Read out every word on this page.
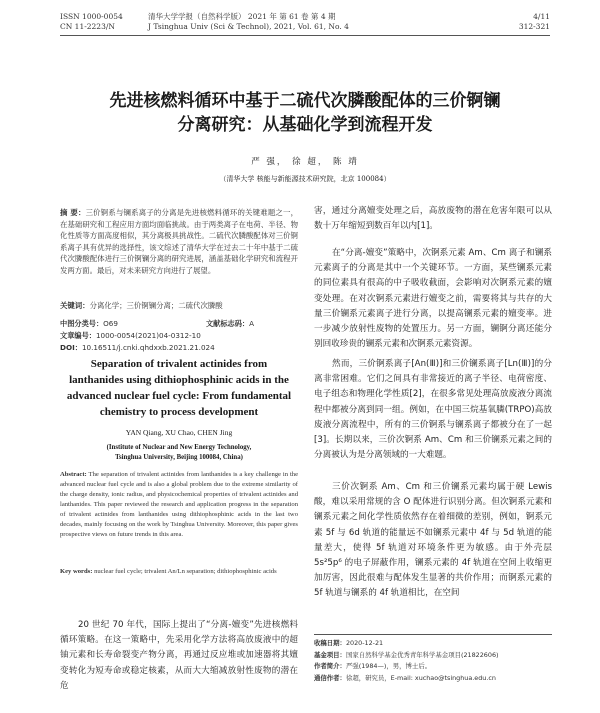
ISSN 1000-0054
CN 11-2223/N
清华大学学报（自然科学版） 2021 年 第 61 卷 第 4 期
J Tsinghua Univ (Sci & Technol), 2021, Vol. 61, No. 4
4/11
312-321
先进核燃料循环中基于二硫代次膦酸配体的三价锕镧
分离研究：从基础化学到流程开发
严 强， 徐 超， 陈 靖
（清华大学 核能与新能源技术研究院，北京 100084）
摘 要：三价锕系与镧系离子的分离是先进核燃料循环的关键难题之一，在基础研究和工程应用方面均面临挑战。由于两类离子在电荷、半径、物化性质等方面高度相似，其分离极具挑战性。二硫代次膦酸配体对三价锕系离子具有优异的选择性，该文综述了清华大学在过去二十年中基于二硫代次膦酸配体进行三价锕镧分离的研究进展，涵盖基础化学研究和流程开发两方面。最后，对未来研究方向进行了展望。
关键词：分离化学；三价锕镧分离；二硫代次膦酸
中图分类号：O69	文献标志码：A
文章编号：1000-0054(2021)04-0312-10
DOI：10.16511/j.cnki.qhdxxb.2021.21.024
Separation of trivalent actinides from lanthanides using dithiophosphinic acids in the advanced nuclear fuel cycle: From fundamental chemistry to process development
YAN Qiang, XU Chao, CHEN Jing
(Institute of Nuclear and New Energy Technology,
Tsinghua University, Beijing 100084, China)
Abstract: The separation of trivalent actinides from lanthanides is a key challenge in the advanced nuclear fuel cycle and is also a global problem due to the extreme similarity of the charge density, ionic radius, and physicochemical properties of trivalent actinides and lanthanides. This paper reviewed the research and application progress in the separation of trivalent actinides from lanthanides using dithiophosphinic acids in the last two decades, mainly focusing on the work by Tsinghua University. Moreover, this paper gives prospective views on future trends in this area.
Key words: nuclear fuel cycle; trivalent An/Ln separation; dithiophosphinic acids
20 世纪 70 年代，国际上提出了“分离-嬗变”先进核燃料循环策略。在这一策略中，先采用化学方法将高放废液中的超铀元素和长寿命裂变产物分离，再通过反应堆或加速器将其嬗变转化为短寿命或稳定核素，从而大大缩减放射性废物的潜在危
害，通过分离嬗变处理之后，高放废物的潜在危害年限可以从数十万年缩短到数百年以内[1]。
在“分离-嬗变”策略中，次锕系元素 Am、Cm 离子和镧系元素离子的分离是其中一个关键环节。一方面，某些镧系元素的同位素具有很高的中子吸收截面，会影响对次锕系元素的嬗变处理。在对次锕系元素进行嬗变之前，需要将其与共存的大量三价镧系元素离子进行分离，以提高镧系元素的嬗变率。进一步减少放射性废物的处置压力。另一方面，镧锕分离还能分别回收珍贵的镧系元素和次锕系元素资源。
然而，三价锕系离子[An(Ⅲ)]和三价镧系离子[Ln(Ⅲ)]的分离非常困难。它们之间具有非常接近的离子半径、电荷密度、电子组态和物理化学性质[2]，在很多常见处理高放废液分离流程中都被分离到同一组。例如，在中国三烷基氧膦(TRPO)高放废液分离流程中，所有的三价锕系与镧系离子都被分在了一起[3]。长期以来，三价次锕系 Am、Cm 和三价镧系元素之间的分离被认为是分离领域的一大难题。
三价次锕系 Am、Cm 和三价镧系元素均属于硬 Lewis 酸，难以采用常规的含 O 配体进行识别分离。但次锕系元素和镧系元素之间化学性质依然存在着细微的差别，例如，锕系元素 5f 与 6d 轨道的能量远不如镧系元素中 4f 与 5d 轨道的能量差大，使得 5f 轨道对环境条件更为敏感。由于外壳层 5s²5p⁶ 的电子屏蔽作用，镧系元素的 4f 轨道在空间上收缩更加厉害，因此很难与配体发生显著的共价作用；而锕系元素的 5f 轨道与镧系的 4f 轨道相比，在空间
收稿日期：2020-12-21
基金项目：国家自然科学基金优秀青年科学基金项目(21822606)
作者简介：严强(1984—)，男，博士后。
通信作者：徐超，研究员，E-mail: xuchao@tsinghua.edu.cn
